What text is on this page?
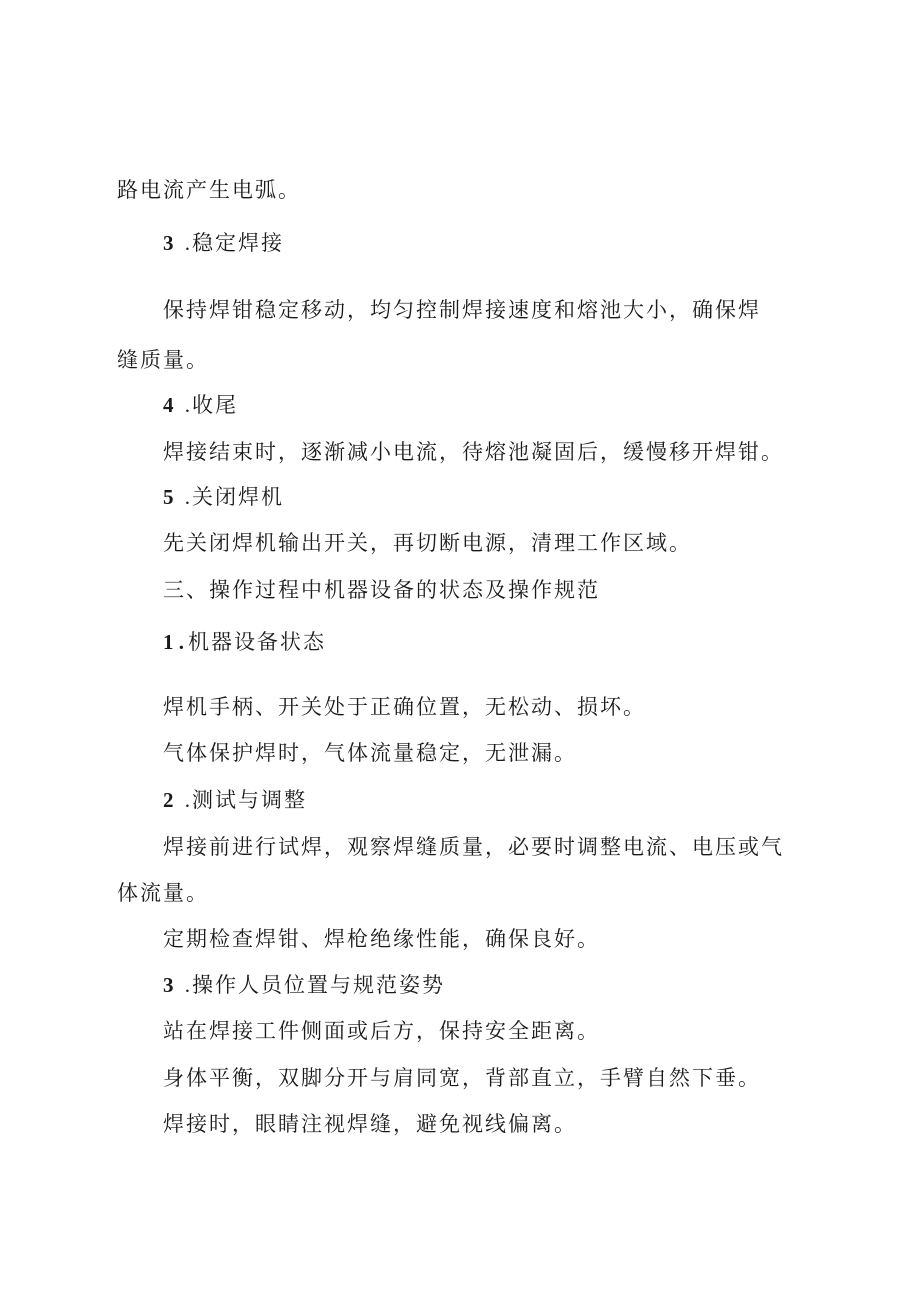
路电流产生电弧。
3 .稳定焊接
保持焊钳稳定移动，均匀控制焊接速度和熔池大小，确保焊
缝质量。
4 .收尾
焊接结束时，逐渐减小电流，待熔池凝固后，缓慢移开焊钳。
5 .关闭焊机
先关闭焊机输出开关，再切断电源，清理工作区域。
三、操作过程中机器设备的状态及操作规范
1 . 机器设备状态
焊机手柄、开关处于正确位置，无松动、损坏。
气体保护焊时，气体流量稳定，无泄漏。
2 .测试与调整
焊接前进行试焊，观察焊缝质量，必要时调整电流、电压或气
体流量。
定期检查焊钳、焊枪绝缘性能，确保良好。
3 .操作人员位置与规范姿势
站在焊接工件侧面或后方，保持安全距离。
身体平衡，双脚分开与肩同宽，背部直立，手臂自然下垂。
焊接时，眼睛注视焊缝，避免视线偏离。
